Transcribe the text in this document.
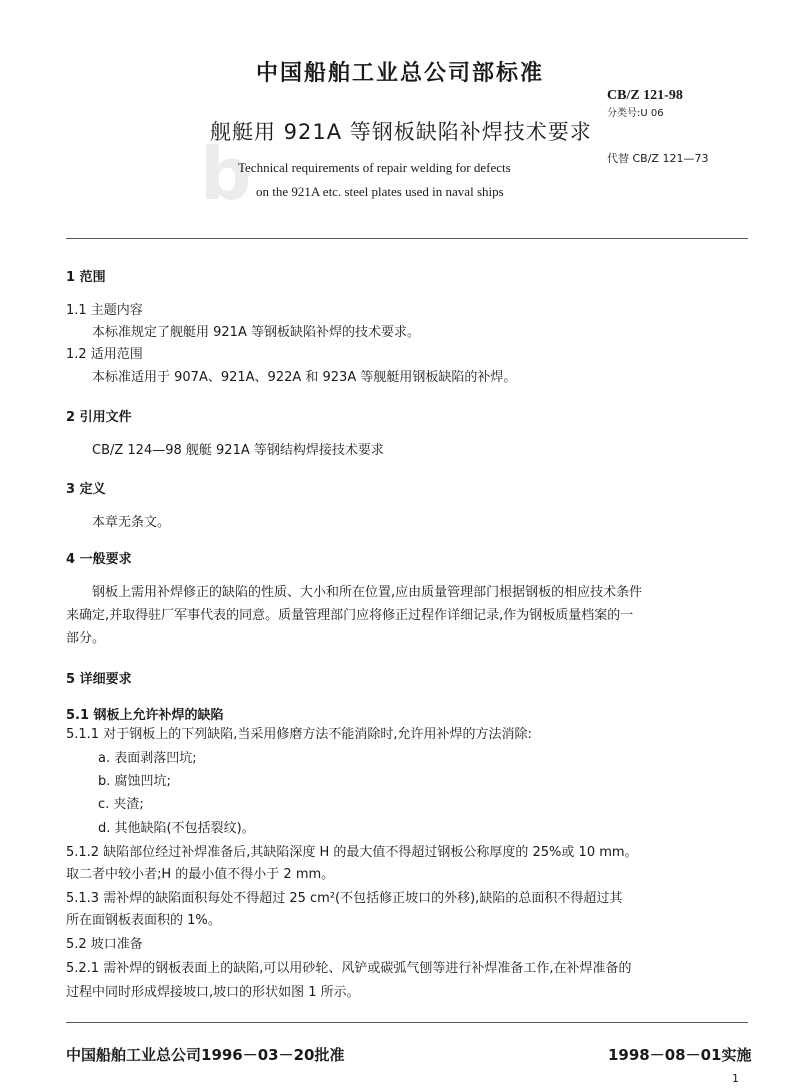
b
中国船舶工业总公司部标准
CB/Z 121-98
分类号:U 06
舰艇用 921A 等钢板缺陷补焊技术要求
代替 CB/Z 121—73
Technical requirements of repair welding for defects
on the 921A etc. steel plates used in naval ships
1 范围
1.1 主题内容
本标准规定了舰艇用 921A 等钢板缺陷补焊的技术要求。
1.2 适用范围
本标准适用于 907A、921A、922A 和 923A 等舰艇用钢板缺陷的补焊。
2 引用文件
CB/Z 124—98 舰艇 921A 等钢结构焊接技术要求
3 定义
本章无条文。
4 一般要求
钢板上需用补焊修正的缺陷的性质、大小和所在位置,应由质量管理部门根据钢板的相应技术条件
来确定,并取得驻厂军事代表的同意。质量管理部门应将修正过程作详细记录,作为钢板质量档案的一
部分。
5 详细要求
5.1 钢板上允许补焊的缺陷
5.1.1 对于钢板上的下列缺陷,当采用修磨方法不能消除时,允许用补焊的方法消除:
a. 表面剥落凹坑;
b. 腐蚀凹坑;
c. 夹渣;
d. 其他缺陷(不包括裂纹)。
5.1.2 缺陷部位经过补焊准备后,其缺陷深度 H 的最大值不得超过钢板公称厚度的 25%或 10 mm。
取二者中较小者;H 的最小值不得小于 2 mm。
5.1.3 需补焊的缺陷面积每处不得超过 25 cm²(不包括修正坡口的外移),缺陷的总面积不得超过其
所在面钢板表面积的 1%。
5.2 坡口准备
5.2.1 需补焊的钢板表面上的缺陷,可以用砂轮、风铲或碳弧气刨等进行补焊准备工作,在补焊准备的
过程中同时形成焊接坡口,坡口的形状如图 1 所示。
中国船舶工业总公司1996－03－20批准	1998－08－01实施
1
